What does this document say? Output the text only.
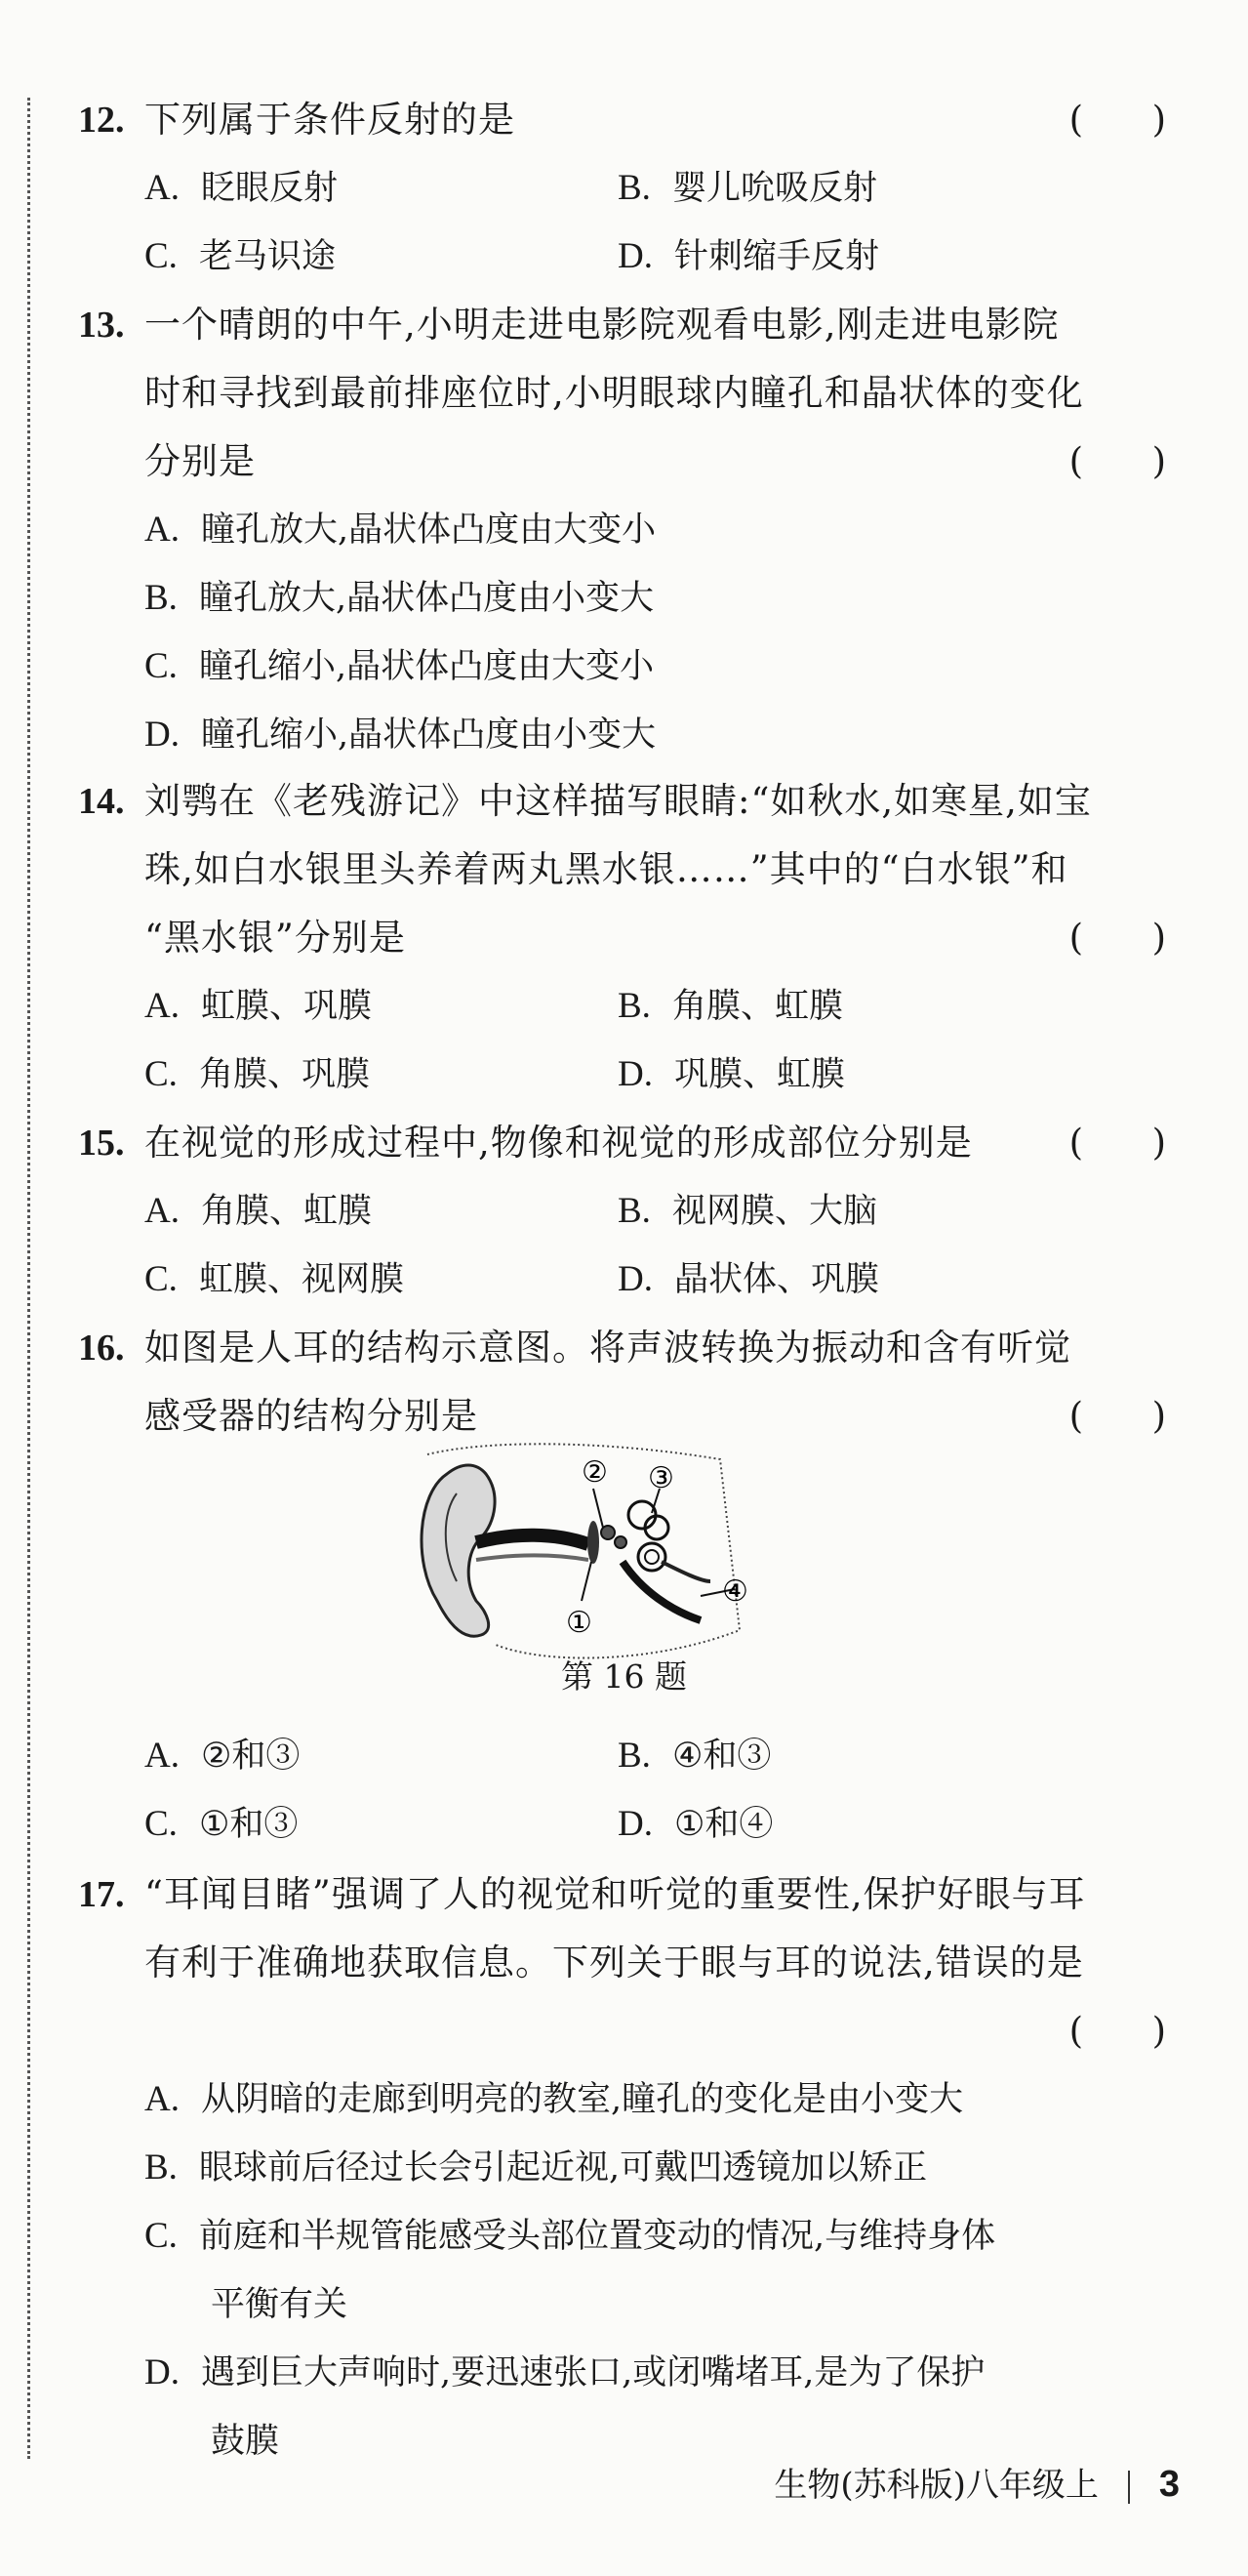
12. 下列属于条件反射的是	(      )
A. 眨眼反射	B. 婴儿吮吸反射
C. 老马识途	D. 针刺缩手反射
13. 一个晴朗的中午,小明走进电影院观看电影,刚走进电影院
时和寻找到最前排座位时,小明眼球内瞳孔和晶状体的变化
分别是	(      )
A. 瞳孔放大,晶状体凸度由大变小
B. 瞳孔放大,晶状体凸度由小变大
C. 瞳孔缩小,晶状体凸度由大变小
D. 瞳孔缩小,晶状体凸度由小变大
14. 刘鹗在《老残游记》中这样描写眼睛:“如秋水,如寒星,如宝
珠,如白水银里头养着两丸黑水银……”其中的“白水银”和
“黑水银”分别是	(      )
A. 虹膜、巩膜	B. 角膜、虹膜
C. 角膜、巩膜	D. 巩膜、虹膜
15. 在视觉的形成过程中,物像和视觉的形成部位分别是	(      )
A. 角膜、虹膜	B. 视网膜、大脑
C. 虹膜、视网膜	D. 晶状体、巩膜
16. 如图是人耳的结构示意图。将声波转换为振动和含有听觉
感受器的结构分别是	(      )
A. ②和③	B. ④和③
C. ①和③	D. ①和④
17. “耳闻目睹”强调了人的视觉和听觉的重要性,保护好眼与耳
有利于准确地获取信息。下列关于眼与耳的说法,错误的是
(      )
A. 从阴暗的走廊到明亮的教室,瞳孔的变化是由小变大
B. 眼球前后径过长会引起近视,可戴凹透镜加以矫正
C. 前庭和半规管能感受头部位置变动的情况,与维持身体
平衡有关
D. 遇到巨大声响时,要迅速张口,或闭嘴堵耳,是为了保护
鼓膜
② ③
①
④
第 16 题
生物(苏科版)八年级上 3
